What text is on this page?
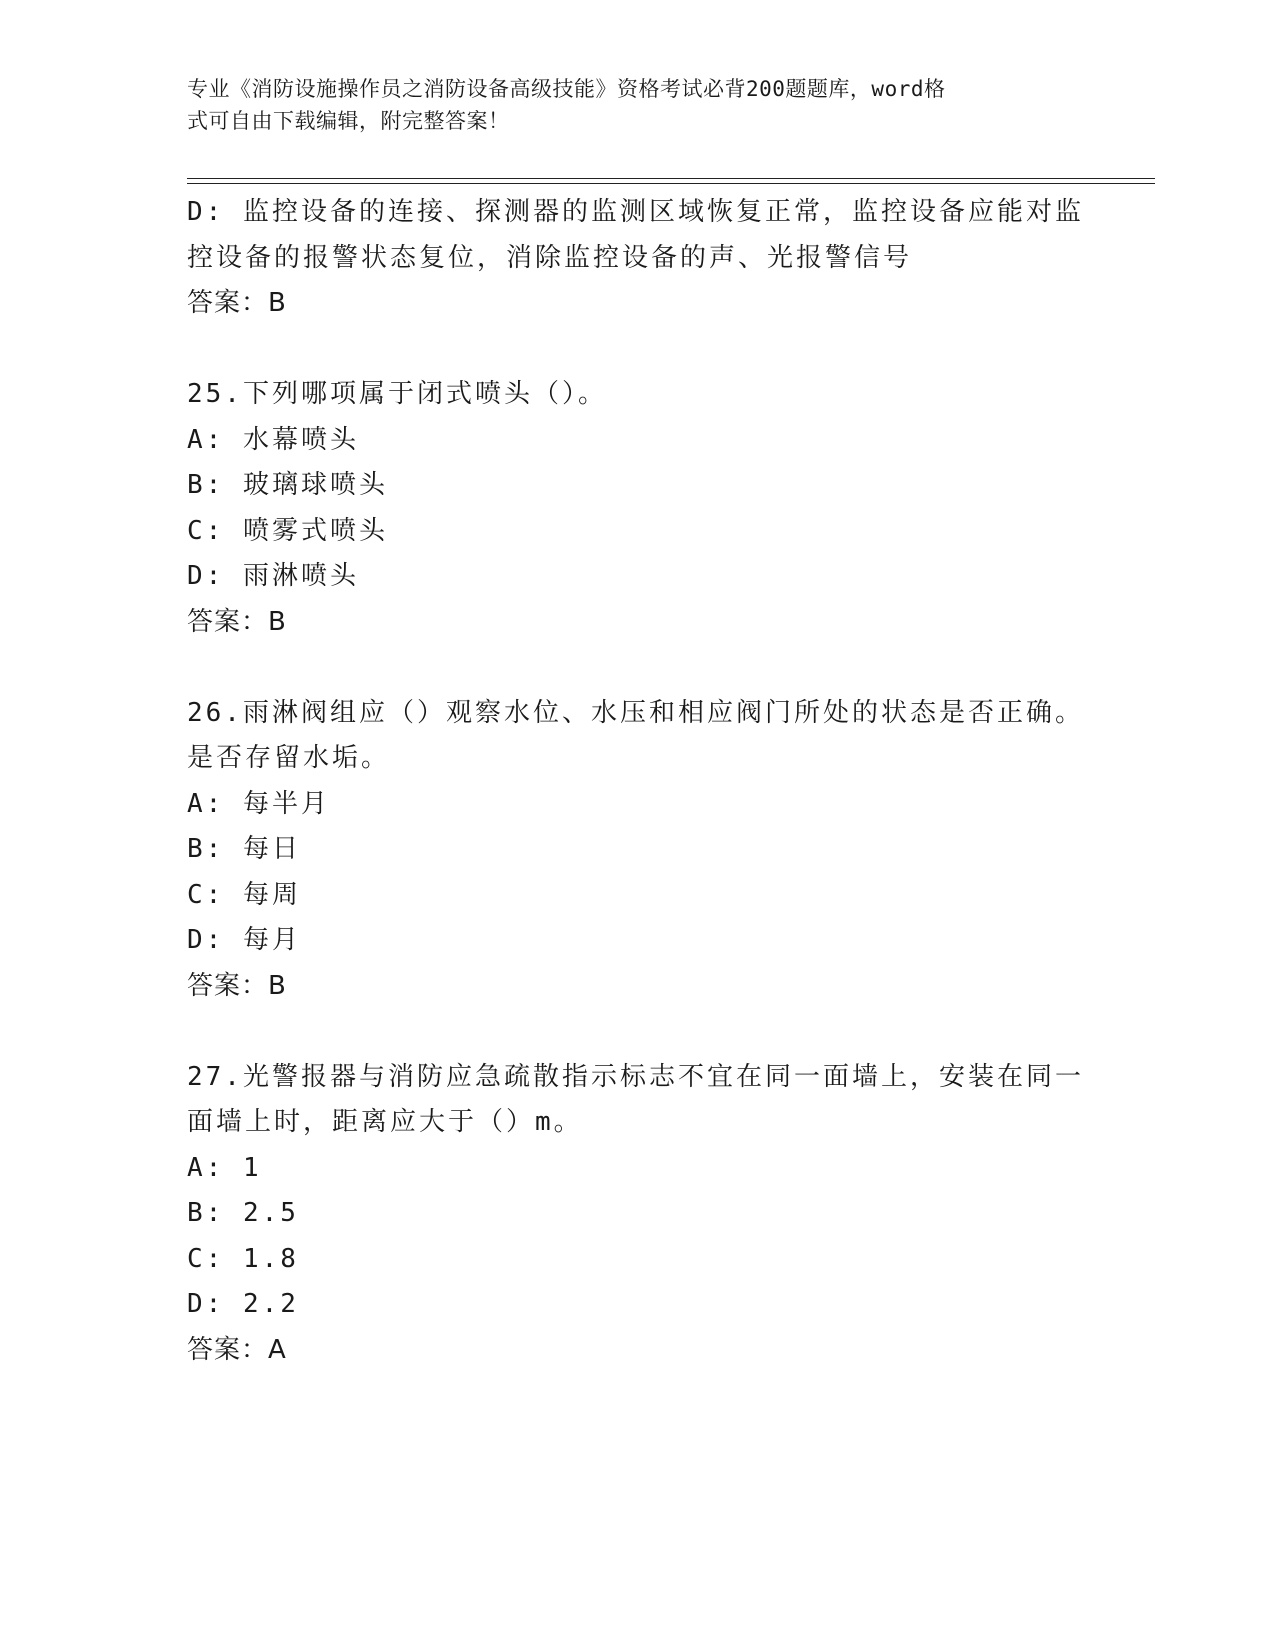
专业《消防设施操作员之消防设备高级技能》资格考试必背200题题库，word格
式可自由下载编辑，附完整答案！
D: 监控设备的连接、探测器的监测区域恢复正常，监控设备应能对监
控设备的报警状态复位，消除监控设备的声、光报警信号
答案：B
25.下列哪项属于闭式喷头（）。
A: 水幕喷头
B: 玻璃球喷头
C: 喷雾式喷头
D: 雨淋喷头
答案：B
26.雨淋阀组应（）观察水位、水压和相应阀门所处的状态是否正确。
是否存留水垢。
A: 每半月
B: 每日
C: 每周
D: 每月
答案：B
27.光警报器与消防应急疏散指示标志不宜在同一面墙上，安装在同一
面墙上时，距离应大于（）m。
A: 1
B: 2.5
C: 1.8
D: 2.2
答案：A
